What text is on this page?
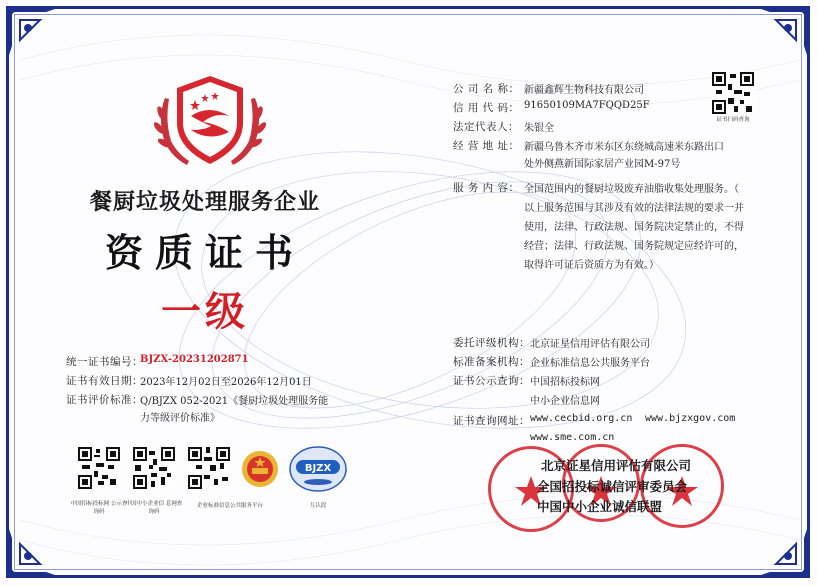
餐厨垃圾处理服务企业
资质证书
一级
统一证书编号：
BJZX-20231202871
证书有效日期：
2023年12月02日至2026年12月01日
证书评价标准：
Q/BJZX 052-2021《餐厨垃圾处理服务能
力等级评价标准》
BJZX
中国招标投标网 公示查询码
中国中小企业信 息网查询码
企业标准信息公共服务平台	互认段
公 司 名 称： 新疆鑫辉生物科技有限公司
信 用 代 码： 91650109MA7FQQD25F
法定代表人： 朱银全
经 营 地 址： 新疆乌鲁木齐市米东区东绕城高速米东路出口
处外侧燕新国际家居产业园M-97号
证书扫码查询
服 务 内 容： 全国范围内的餐厨垃圾废弃油脂收集处理服务。（
以上服务范围与其涉及有效的法律法规的要求一并
使用，法律、行政法规、国务院决定禁止的，不得
经营；法律、行政法规、国务院规定应经许可的，
取得许可证后资质方为有效。）
委托评级机构： 北京证星信用评估有限公司
标准备案机构： 企业标准信息公共服务平台
证书公示查询： 中国招标投标网
中小企业信息网
证书查询网址： www.cecbid.org.cn www.bjzxgov.com
www.sme.com.cn
北京证星信用评估有限公司
全国招投标诚信评审委员会
中国中小企业诚信联盟
